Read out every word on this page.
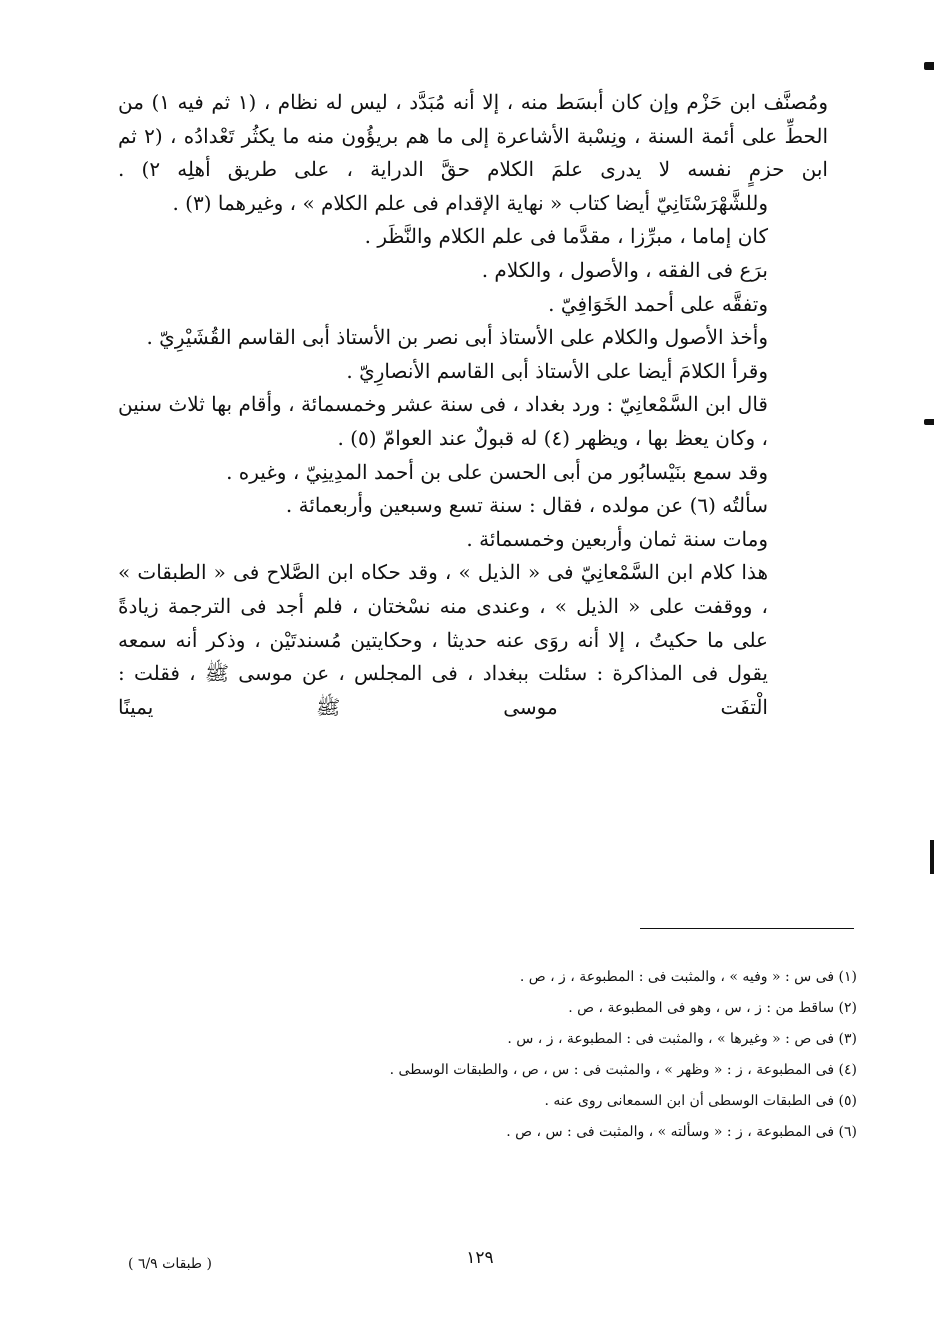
ومُصنَّف ابن حَزْم وإن كان أبسَط منه ، إلا أنه مُبَدَّد ، ليس له نظام ، (١ ثم فيه ١) من الحطِّ على أئمة السنة ، ونِسْبة الأشاعرة إلى ما هم بريؤُون منه ما يكثُر تَعْدادُه ، (٢ ثم ابن حزمٍ نفسه لا يدرى علمَ الكلام حقَّ الدراية ، على طريق أهلِه ٢) .

وللشَّهْرَسْتَانِيّ أيضا كتاب « نهاية الإقدام فى علم الكلام » ، وغيرهما (٣) .

كان إماما ، مبرِّزا ، مقدَّما فى علم الكلام والنَّظَر .

برَع فى الفقه ، والأصول ، والكلام .

وتفقَّه على أحمد الخَوَافِيّ .

وأخذ الأصول والكلام على الأستاذ أبى نصر بن الأستاذ أبى القاسم القُشَيْرِيّ .

وقرأ الكلامَ أيضا على الأستاذ أبى القاسم الأنصارِيّ .

قال ابن السَّمْعانِيّ : ورد بغداد ، فى سنة عشر وخمسمائة ، وأقام بها ثلاث سنين ، وكان يعظ بها ، ويظهر (٤) له قبولٌ عند العوامّ (٥) .

وقد سمع بنَيْسابُور من أبى الحسن على بن أحمد المدِينِيّ ، وغيره .

سألتُه (٦) عن مولده ، فقال : سنة تسع وسبعين وأربعمائة .

ومات سنة ثمان وأربعين وخمسمائة .

هذا كلام ابن السَّمْعانِيّ فى « الذيل » ، وقد حكاه ابن الصَّلاح فى « الطبقات » ، ووقفت على « الذيل » ، وعندى منه نسْختان ، فلم أجد فى الترجمة زيادةً على ما حكيتُ ، إلا أنه روَى عنه حديثا ، وحكايتين مُسندتَيْن ، وذكر أنه سمعه يقول فى المذاكرة : سئلت ببغداد ، فى المجلس ، عن موسى ﷺ ، فقلت : الْتفَت موسى ﷺ يمينًا

(١) فى س : « وفيه » ، والمثبت فى : المطبوعة ، ز ، ص .
(٢) ساقط من : ز ، س ، وهو فى المطبوعة ، ص .
(٣) فى ص : « وغيرها » ، والمثبت فى : المطبوعة ، ز ، س .
(٤) فى المطبوعة ، ز : « وظهر » ، والمثبت فى : س ، ص ، والطبقات الوسطى .
(٥) فى الطبقات الوسطى أن ابن السمعانى روى عنه .
(٦) فى المطبوعة ، ز : « وسألته » ، والمثبت فى : س ، ص .
١٢٩
( طبقات ٦/٩ )
